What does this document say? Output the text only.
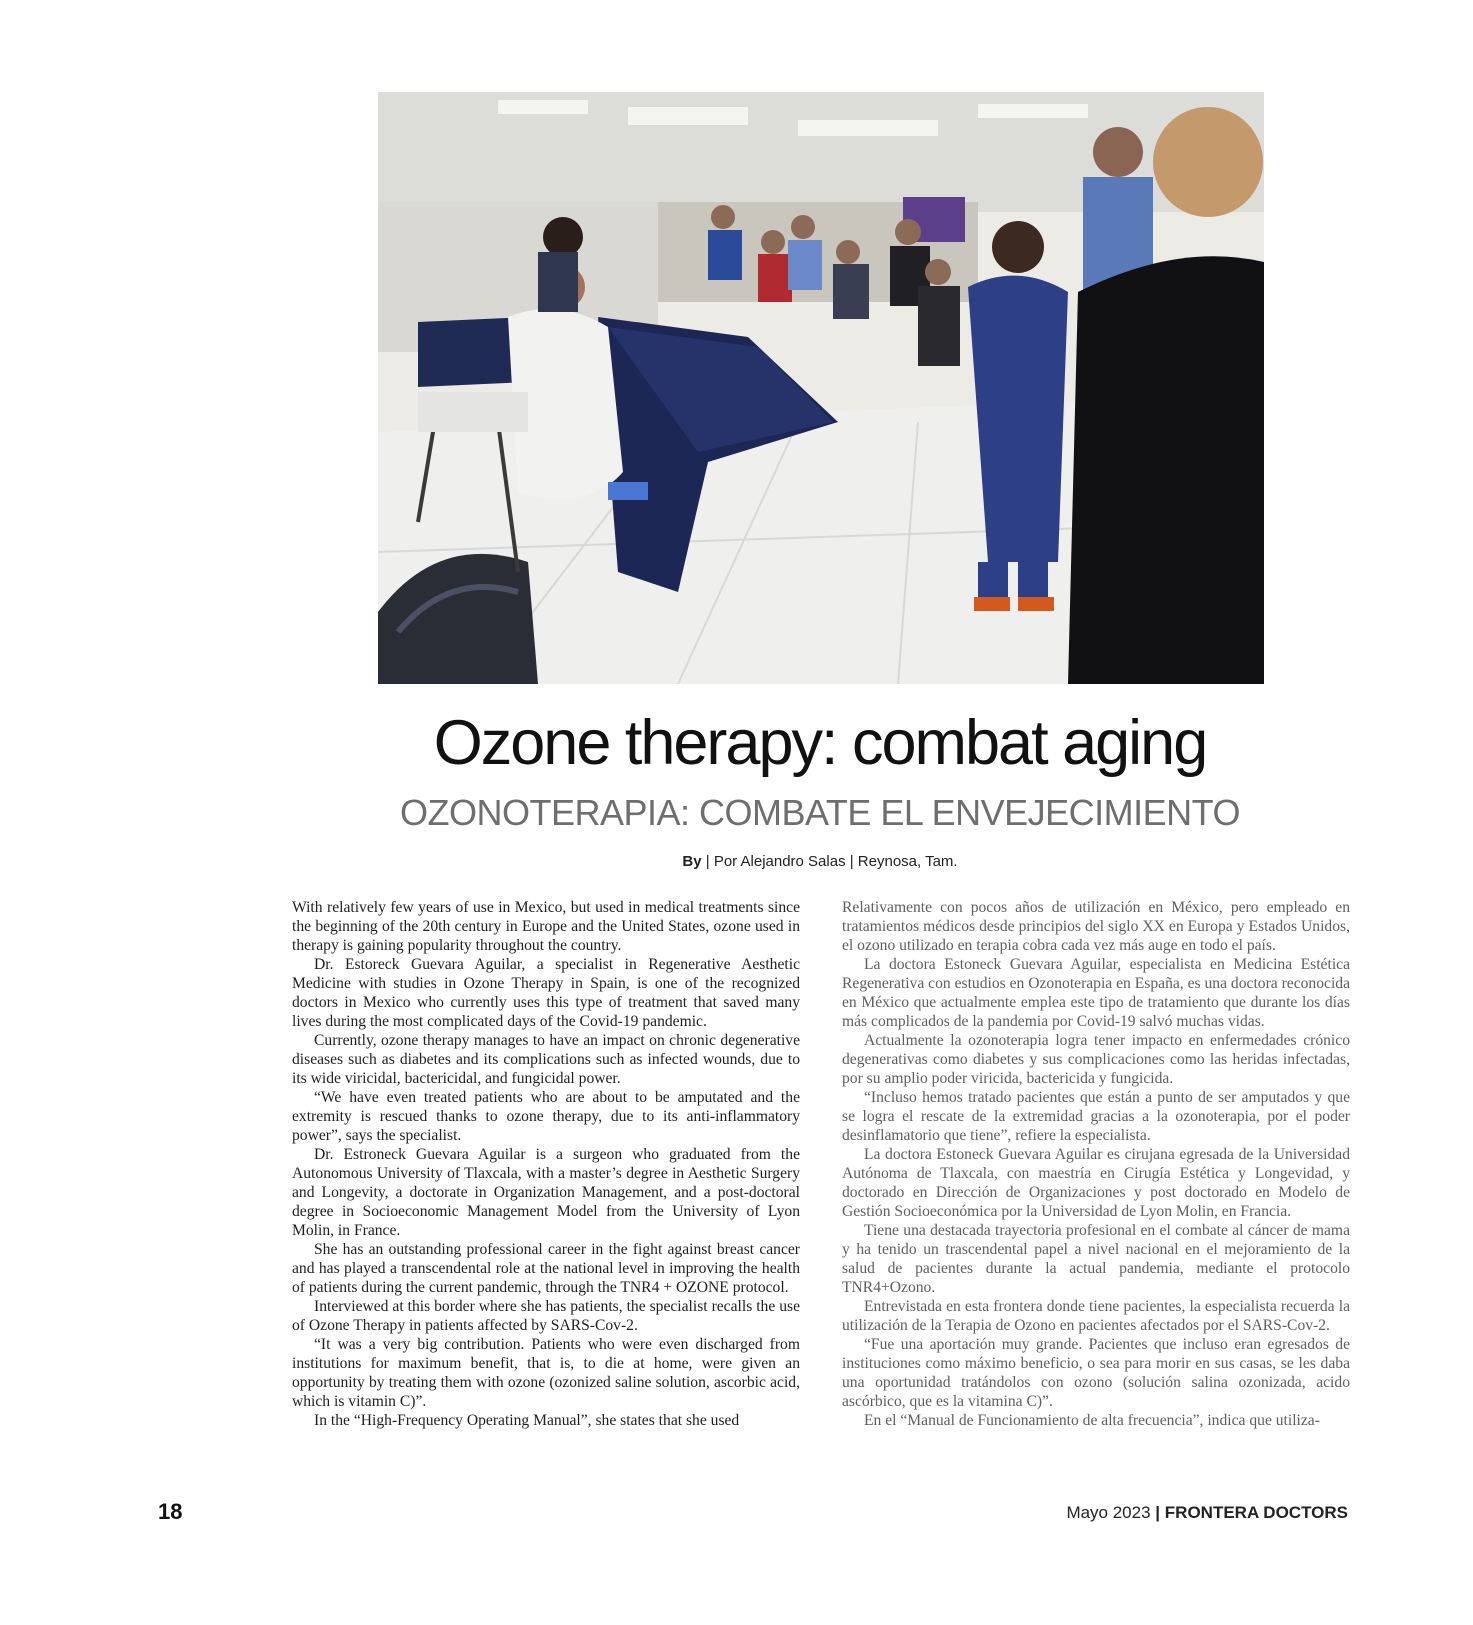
Ozone therapy: combat aging
OZONOTERAPIA: COMBATE EL ENVEJECIMIENTO
By | Por Alejandro Salas | Reynosa, Tam.

With relatively few years of use in Mexico, but used in medical treatments since the beginning of the 20th century in Europe and the United States, ozone used in therapy is gaining popularity throughout the country.

Dr. Estoreck Guevara Aguilar, a specialist in Regenerative Aesthetic Medicine with studies in Ozone Therapy in Spain, is one of the recognized doctors in Mexico who currently uses this type of treatment that saved many lives during the most complicated days of the Covid-19 pandemic.

Currently, ozone therapy manages to have an impact on chronic degenerative diseases such as diabetes and its complications such as infected wounds, due to its wide viricidal, bactericidal, and fungicidal power.

“We have even treated patients who are about to be amputated and the extremity is rescued thanks to ozone therapy, due to its anti-inflammatory power”, says the specialist.

Dr. Estroneck Guevara Aguilar is a surgeon who graduated from the Autonomous University of Tlaxcala, with a master’s degree in Aesthetic Surgery and Longevity, a doctorate in Organization Management, and a post-doctoral degree in Socioeconomic Management Model from the University of Lyon Molin, in France.

She has an outstanding professional career in the fight against breast cancer and has played a transcendental role at the national level in improving the health of patients during the current pandemic, through the TNR4 + OZONE protocol.

Interviewed at this border where she has patients, the specialist recalls the use of Ozone Therapy in patients affected by SARS-Cov-2.

“It was a very big contribution. Patients who were even discharged from institutions for maximum benefit, that is, to die at home, were given an opportunity by treating them with ozone (ozonized saline solution, ascorbic acid, which is vitamin C)”.

In the “High-Frequency Operating Manual”, she states that she used

Relativamente con pocos años de utilización en México, pero empleado en tratamientos médicos desde principios del siglo XX en Europa y Estados Unidos, el ozono utilizado en terapia cobra cada vez más auge en todo el país.

La doctora Estoneck Guevara Aguilar, especialista en Medicina Estética Regenerativa con estudios en Ozonoterapia en España, es una doctora reconocida en México que actualmente emplea este tipo de tratamiento que durante los días más complicados de la pandemia por Covid-19 salvó muchas vidas.

Actualmente la ozonoterapia logra tener impacto en enfermedades crónico degenerativas como diabetes y sus complicaciones como las heridas infectadas, por su amplio poder viricida, bactericida y fungicida.

“Incluso hemos tratado pacientes que están a punto de ser amputados y que se logra el rescate de la extremidad gracias a la ozonoterapia, por el poder desinflamatorio que tiene”, refiere la especialista.

La doctora Estoneck Guevara Aguilar es cirujana egresada de la Universidad Autónoma de Tlaxcala, con maestría en Cirugía Estética y Longevidad, y doctorado en Dirección de Organizaciones y post doctorado en Modelo de Gestión Socioeconómica por la Universidad de Lyon Molin, en Francia.

Tiene una destacada trayectoria profesional en el combate al cáncer de mama y ha tenido un trascendental papel a nivel nacional en el mejoramiento de la salud de pacientes durante la actual pandemia, mediante el protocolo TNR4+Ozono.

Entrevistada en esta frontera donde tiene pacientes, la especialista recuerda la utilización de la Terapia de Ozono en pacientes afectados por el SARS-Cov-2.

“Fue una aportación muy grande. Pacientes que incluso eran egresados de instituciones como máximo beneficio, o sea para morir en sus casas, se les daba una oportunidad tratándolos con ozono (solución salina ozonizada, acido ascórbico, que es la vitamina C)”.

En el “Manual de Funcionamiento de alta frecuencia”, indica que utiliza-

18	Mayo 2023 | FRONTERA DOCTORS
